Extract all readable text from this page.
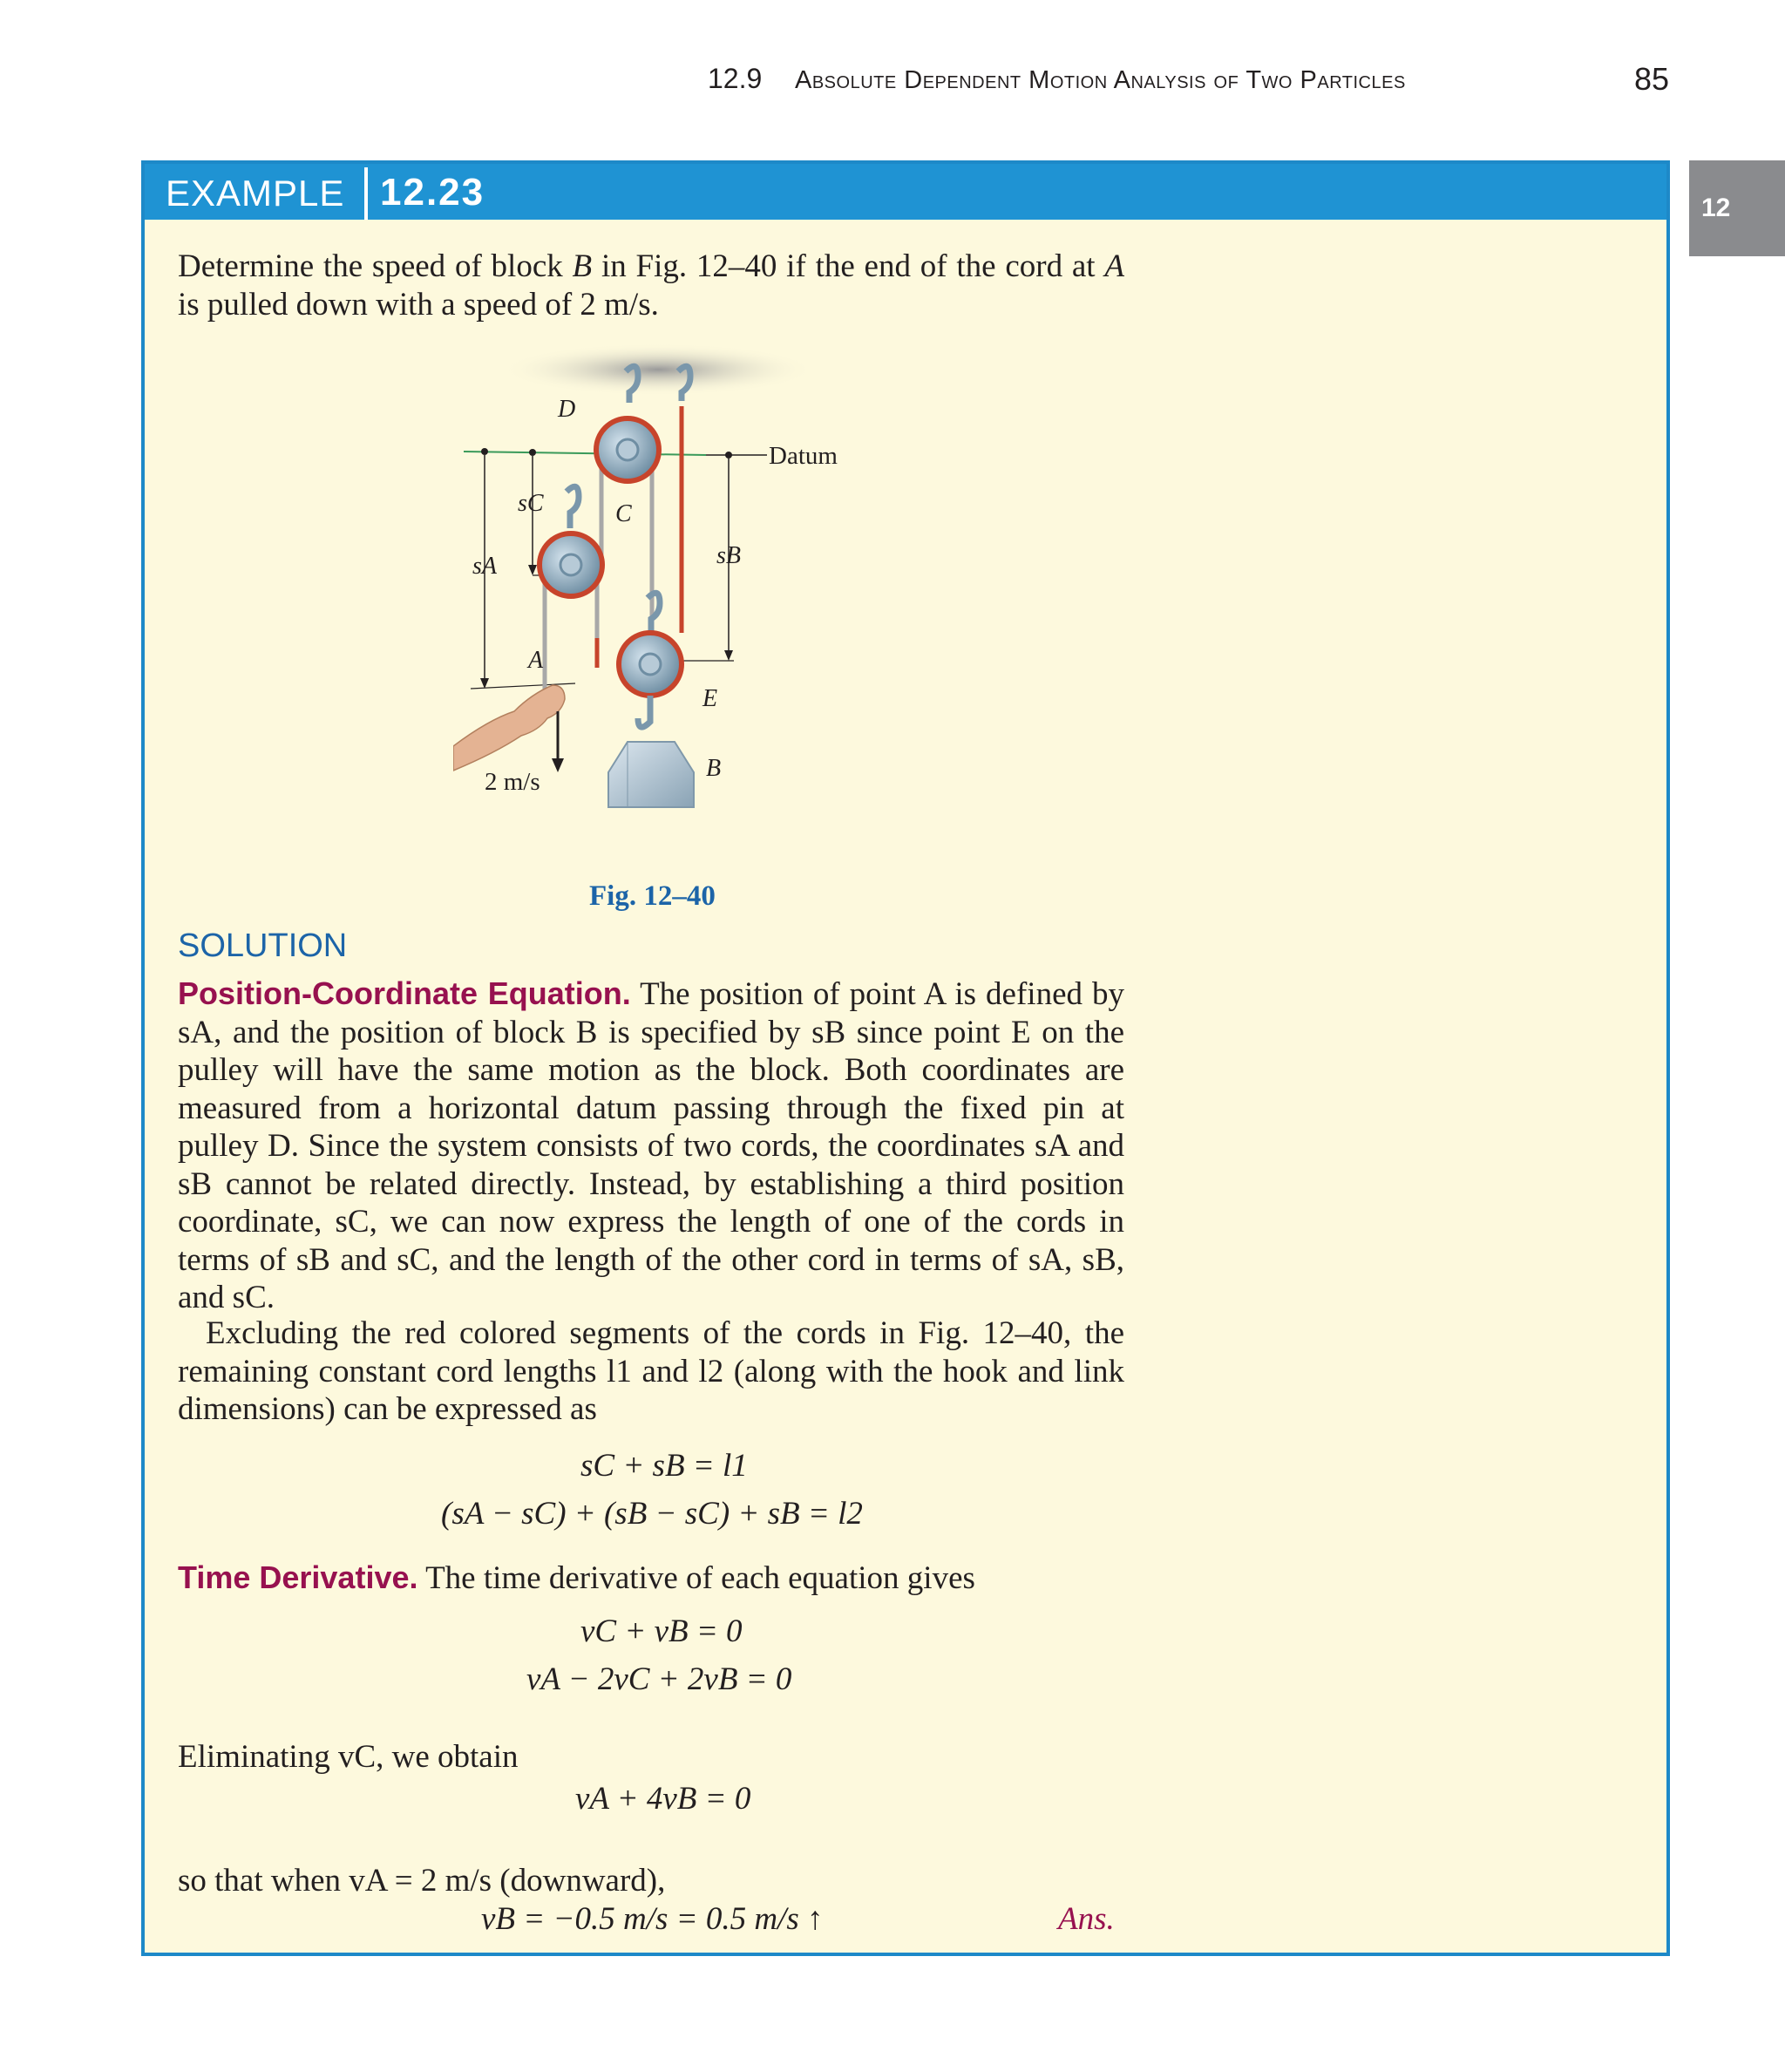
12.9 Absolute Dependent Motion Analysis of Two Particles	85
12
EXAMPLE 12.23
Determine the speed of block B in Fig. 12–40 if the end of the cord at A is pulled down with a speed of 2 m/s.
D
C
E
B
A
Datum
sA
sC
sB
2 m/s
Fig. 12–40
SOLUTION
Position-Coordinate Equation. The position of point A is defined by sA, and the position of block B is specified by sB since point E on the pulley will have the same motion as the block. Both coordinates are measured from a horizontal datum passing through the fixed pin at pulley D. Since the system consists of two cords, the coordinates sA and sB cannot be related directly. Instead, by establishing a third position coordinate, sC, we can now express the length of one of the cords in terms of sB and sC, and the length of the other cord in terms of sA, sB, and sC.
Excluding the red colored segments of the cords in Fig. 12–40, the remaining constant cord lengths l1 and l2 (along with the hook and link dimensions) can be expressed as
sC + sB = l1
(sA − sC) + (sB − sC) + sB = l2
Time Derivative. The time derivative of each equation gives
vC + vB = 0
vA − 2vC + 2vB = 0
Eliminating vC, we obtain
vA + 4vB = 0
so that when vA = 2 m/s (downward),
vB = −0.5 m/s = 0.5 m/s ↑	Ans.
